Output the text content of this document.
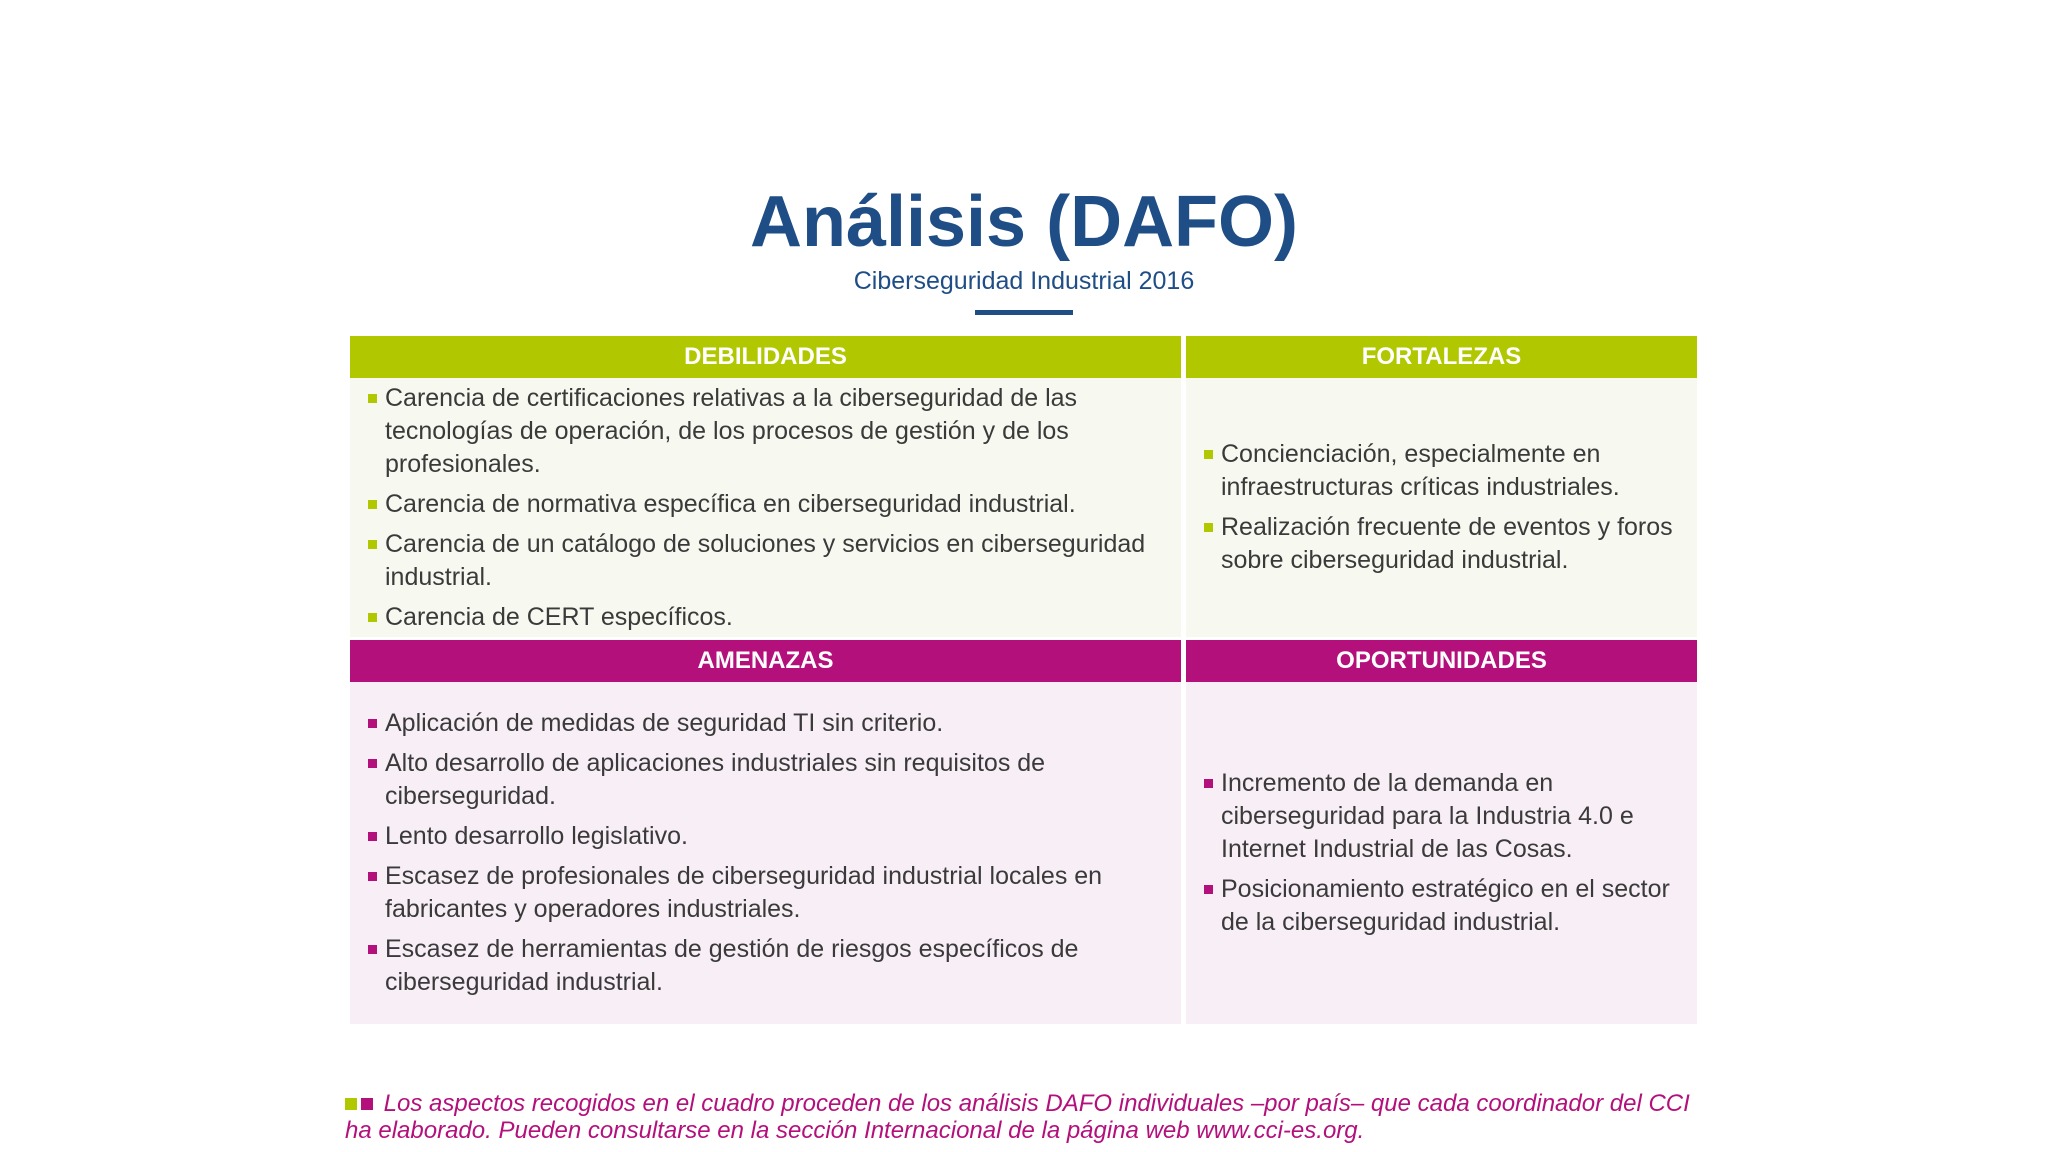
Análisis (DAFO)
Ciberseguridad Industrial 2016
DEBILIDADES
Carencia de certificaciones relativas a la ciberseguridad de las tecnologías de operación, de los procesos de gestión y de los profesionales.
Carencia de normativa específica en ciberseguridad industrial.
Carencia de un catálogo de soluciones y servicios en ciberseguridad industrial.
Carencia de CERT específicos.
FORTALEZAS
Concienciación, especialmente en infraestructuras críticas industriales.
Realización frecuente de eventos y foros sobre ciberseguridad industrial.
AMENAZAS
Aplicación de medidas de seguridad TI sin criterio.
Alto desarrollo de aplicaciones industriales sin requisitos de ciberseguridad.
Lento desarrollo legislativo.
Escasez de profesionales de ciberseguridad industrial locales en fabricantes y operadores industriales.
Escasez de herramientas de gestión de riesgos específicos de ciberseguridad industrial.
OPORTUNIDADES
Incremento de la demanda en ciberseguridad para la Industria 4.0 e Internet Industrial de las Cosas.
Posicionamiento estratégico en el sector de la ciberseguridad industrial.
Los aspectos recogidos en el cuadro proceden de los análisis DAFO individuales –por país– que cada coordinador del CCI ha elaborado. Pueden consultarse en la sección Internacional de la página web www.cci-es.org.
